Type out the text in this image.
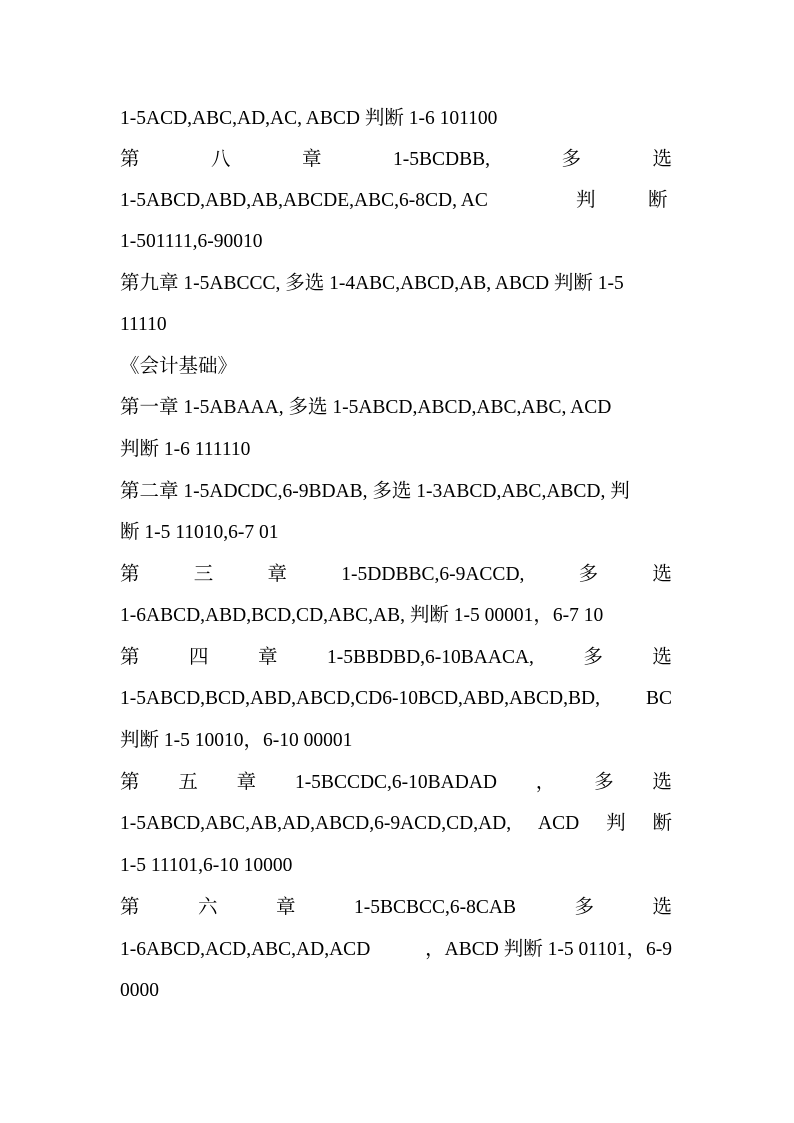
1-5ACD,ABC,AD,AC, ABCD 判断 1-6 101100
第	八	章	1-5BCDBB,	多	选
1-5ABCD,ABD,AB,ABCDE,ABC,6-8CD, AC	判	断
1-501111,6-90010
第九章 1-5ABCCC, 多选 1-4ABC,ABCD,AB, ABCD 判断 1-5
11110
《会计基础》
第一章 1-5ABAAA, 多选 1-5ABCD,ABCD,ABC,ABC, ACD
判断 1-6 111110
第二章 1-5ADCDC,6-9BDAB, 多选 1-3ABCD,ABC,ABCD, 判
断 1-5 11010,6-7 01
第	三	章	1-5DDBBC,6-9ACCD,	多	选
1-6ABCD,ABD,BCD,CD,ABC,AB, 判断 1-5 00001，6-7 10
第	四	章	1-5BBDBD,6-10BAACA,	多	选
1-5ABCD,BCD,ABD,ABCD,CD6-10BCD,ABD,ABCD,BD, BC
判断 1-5 10010，6-10 00001
第 五 章 1-5BCCDC,6-10BADAD ， 多 选
1-5ABCD,ABC,AB,AD,ABCD,6-9ACD,CD,AD, ACD 判 断
1-5 11101,6-10 10000
第	六	章	1-5BCBCC,6-8CAB	多	选
1-6ABCD,ACD,ABC,AD,ACD	，ABCD 判断 1-5 01101，6-9
0000
